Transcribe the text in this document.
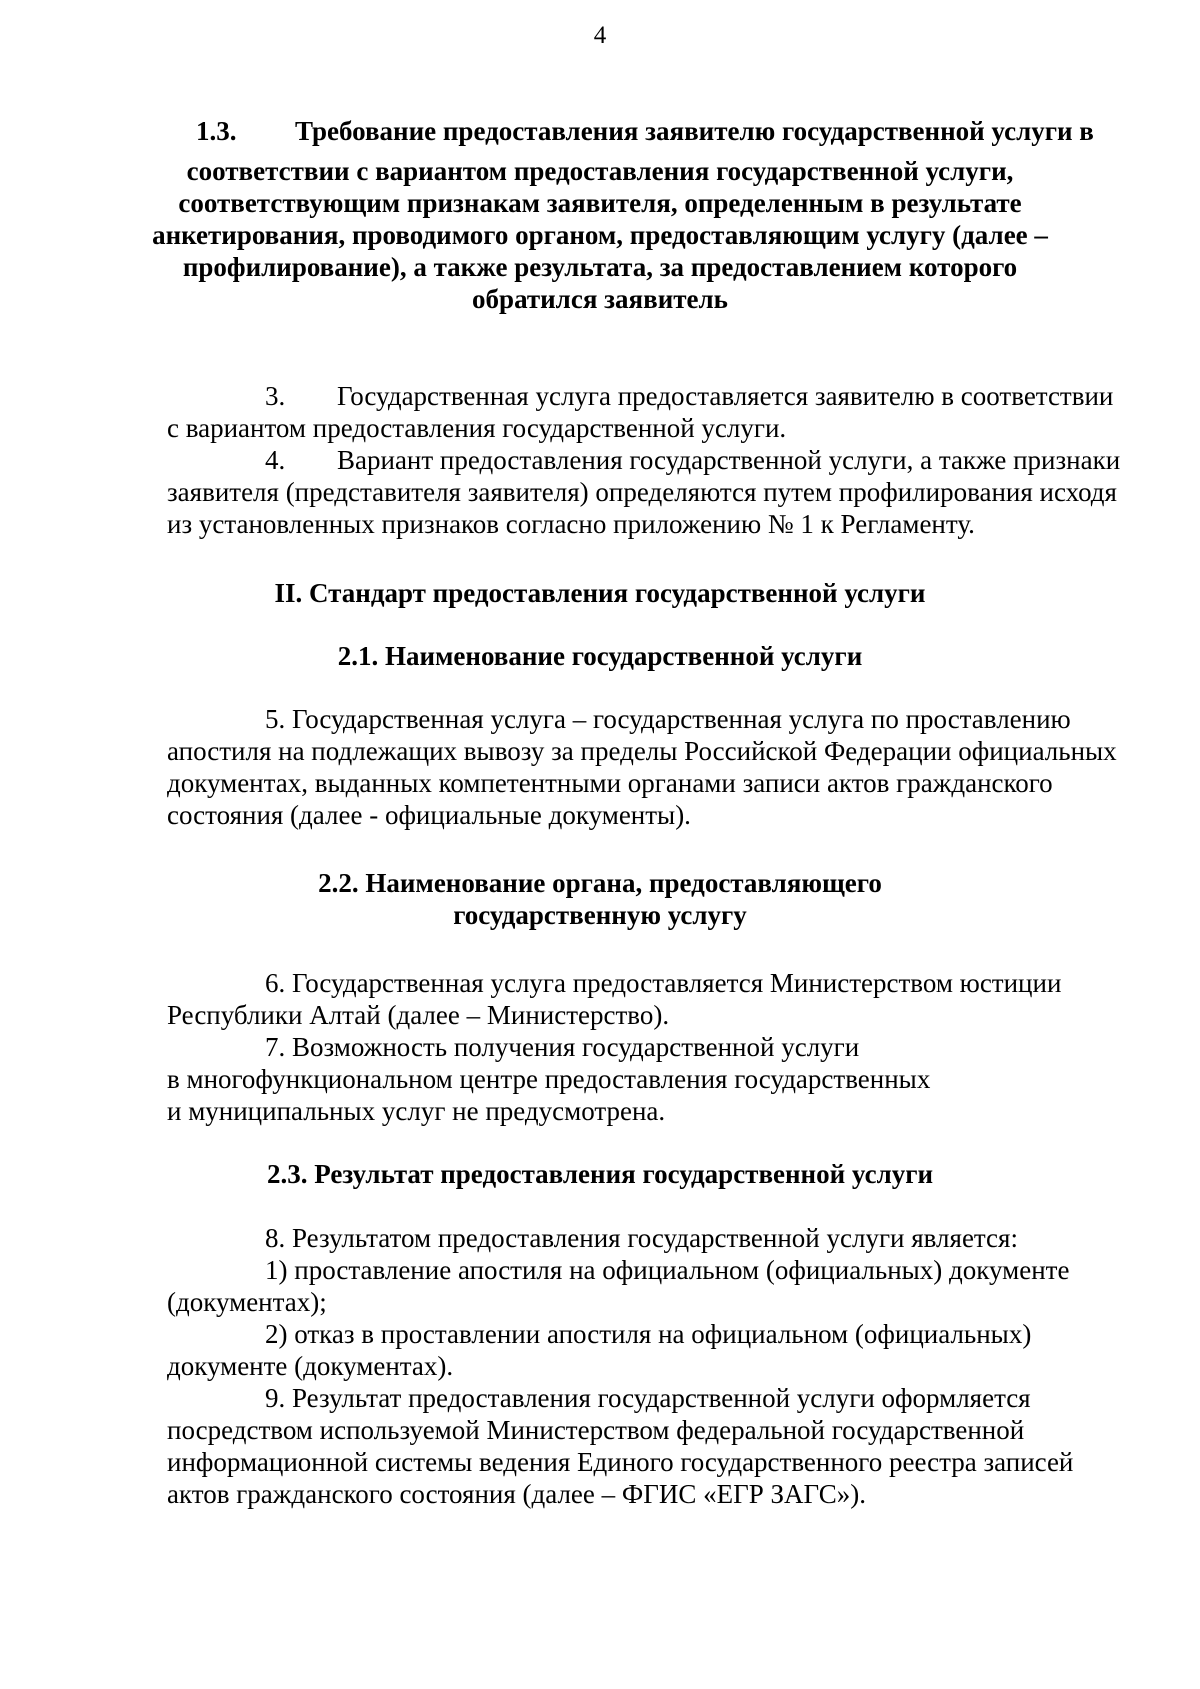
4
1.3.	Требование предоставления заявителю государственной услуги в
соответствии с вариантом предоставления государственной услуги,
соответствующим признакам заявителя, определенным в результате
анкетирования, проводимого органом, предоставляющим услугу (далее –
профилирование), а также результата, за предоставлением которого
обратился заявитель
3.	Государственная услуга предоставляется заявителю в соответствии
с вариантом предоставления государственной услуги.
4.	Вариант предоставления государственной услуги, а также признаки
заявителя (представителя заявителя) определяются путем профилирования исходя
из установленных признаков согласно приложению № 1 к Регламенту.
II. Стандарт предоставления государственной услуги
2.1. Наименование государственной услуги
5. Государственная услуга – государственная услуга по проставлению
апостиля на подлежащих вывозу за пределы Российской Федерации официальных
документах, выданных компетентными органами записи актов гражданского
состояния (далее - официальные документы).
2.2. Наименование органа, предоставляющего
государственную услугу
6. Государственная услуга предоставляется Министерством юстиции
Республики Алтай (далее – Министерство).
7. Возможность получения государственной услуги
в многофункциональном центре предоставления государственных
и муниципальных услуг не предусмотрена.
2.3. Результат предоставления государственной услуги
8. Результатом предоставления государственной услуги является:
1) проставление апостиля на официальном (официальных) документе
(документах);
2) отказ в проставлении апостиля на официальном (официальных)
документе (документах).
9. Результат предоставления государственной услуги оформляется
посредством используемой Министерством федеральной государственной
информационной системы ведения Единого государственного реестра записей
актов гражданского состояния (далее – ФГИС «ЕГР ЗАГС»).
